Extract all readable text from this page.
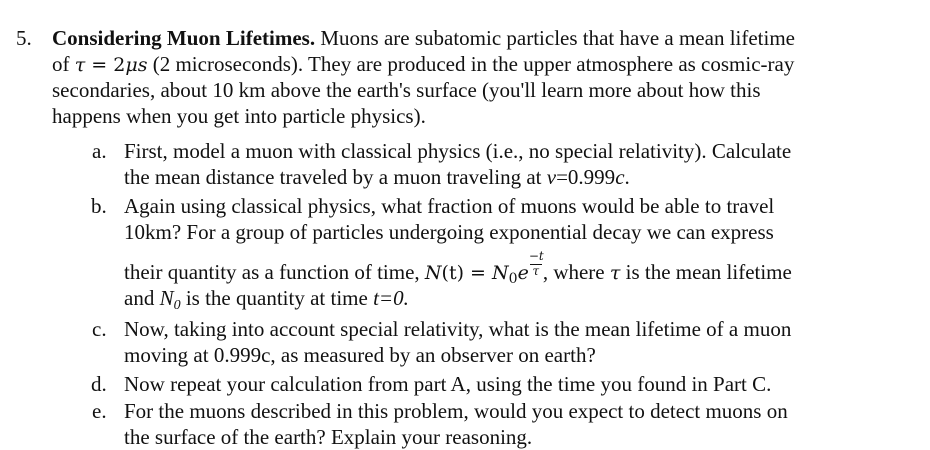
5. Considering Muon Lifetimes. Muons are subatomic particles that have a mean lifetime
of τ = 2μs (2 microseconds). They are produced in the upper atmosphere as cosmic-ray
secondaries, about 10 km above the earth's surface (you'll learn more about how this
happens when you get into particle physics).
a. First, model a muon with classical physics (i.e., no special relativity). Calculate
the mean distance traveled by a muon traveling at v=0.999c.
b. Again using classical physics, what fraction of muons would be able to travel
10km? For a group of particles undergoing exponential decay we can express
their quantity as a function of time, $N(t) = N_0e \frac{-t}{\tau}$ , where τ is the mean lifetime
and $N_0$ is the quantity at time t=0.
c. Now, taking into account special relativity, what is the mean lifetime of a muon
moving at 0.999c, as measured by an observer on earth?
d. Now repeat your calculation from part A, using the time you found in Part C.
e. For the muons described in this problem, would you expect to detect muons on
the surface of the earth? Explain your reasoning.
